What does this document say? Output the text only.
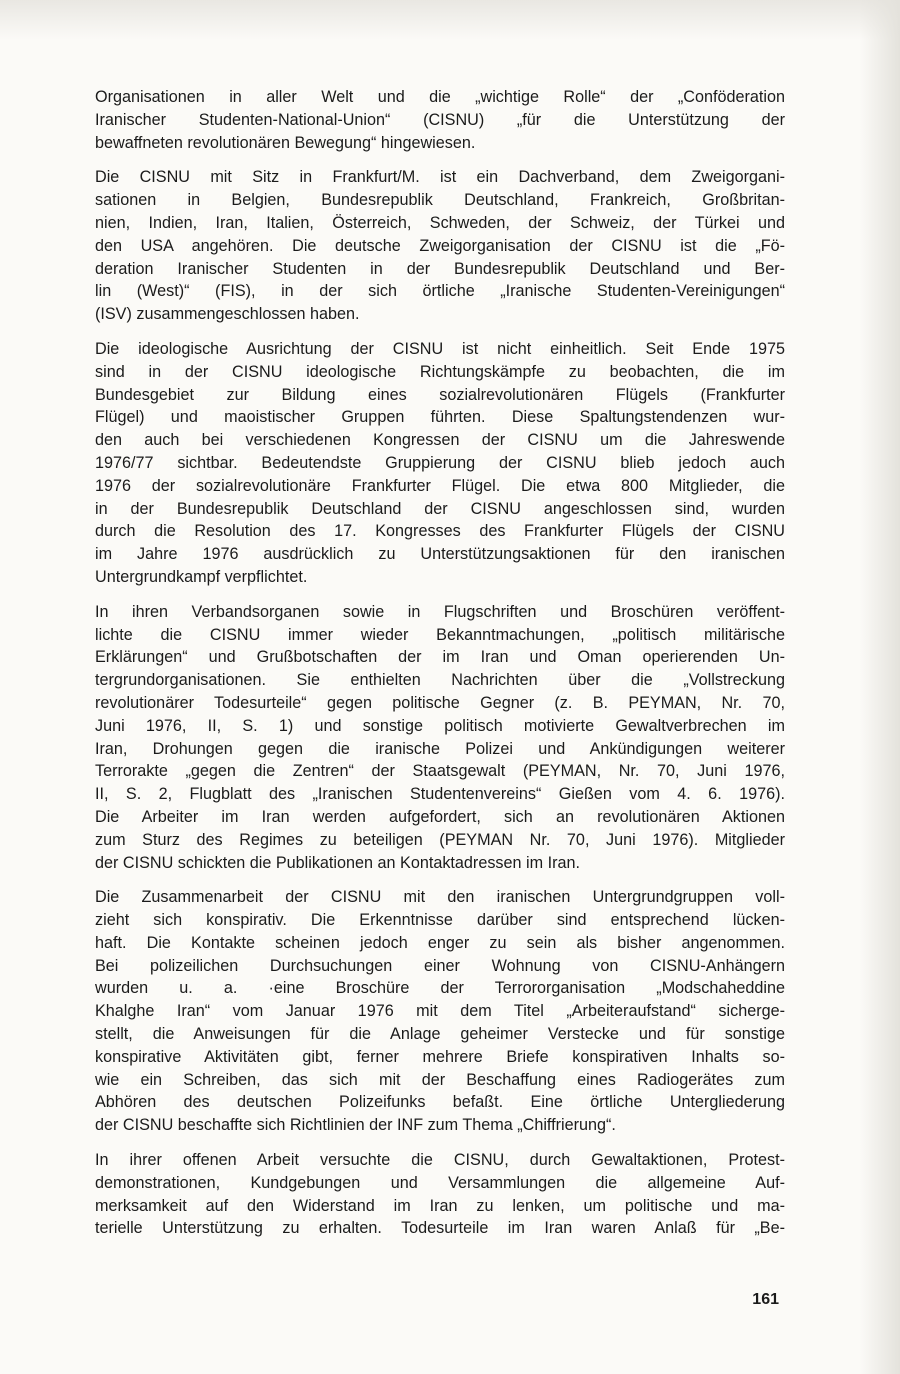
Organisationen in aller Welt und die „wichtige Rolle“ der „Conföderation
Iranischer Studenten-National-Union“ (CISNU) „für die Unterstützung der
bewaffneten revolutionären Bewegung“ hingewiesen.
Die CISNU mit Sitz in Frankfurt/M. ist ein Dachverband, dem Zweigorgani-
sationen in Belgien, Bundesrepublik Deutschland, Frankreich, Großbritan-
nien, Indien, Iran, Italien, Österreich, Schweden, der Schweiz, der Türkei und
den USA angehören. Die deutsche Zweigorganisation der CISNU ist die „Fö-
deration Iranischer Studenten in der Bundesrepublik Deutschland und Ber-
lin (West)“ (FIS), in der sich örtliche „Iranische Studenten-Vereinigungen“
(ISV) zusammengeschlossen haben.
Die ideologische Ausrichtung der CISNU ist nicht einheitlich. Seit Ende 1975
sind in der CISNU ideologische Richtungskämpfe zu beobachten, die im
Bundesgebiet zur Bildung eines sozialrevolutionären Flügels (Frankfurter
Flügel) und maoistischer Gruppen führten. Diese Spaltungstendenzen wur-
den auch bei verschiedenen Kongressen der CISNU um die Jahreswende
1976/77 sichtbar. Bedeutendste Gruppierung der CISNU blieb jedoch auch
1976 der sozialrevolutionäre Frankfurter Flügel. Die etwa 800 Mitglieder, die
in der Bundesrepublik Deutschland der CISNU angeschlossen sind, wurden
durch die Resolution des 17. Kongresses des Frankfurter Flügels der CISNU
im Jahre 1976 ausdrücklich zu Unterstützungsaktionen für den iranischen
Untergrundkampf verpflichtet.
In ihren Verbandsorganen sowie in Flugschriften und Broschüren veröffent-
lichte die CISNU immer wieder Bekanntmachungen, „politisch militärische
Erklärungen“ und Grußbotschaften der im Iran und Oman operierenden Un-
tergrundorganisationen. Sie enthielten Nachrichten über die „Vollstreckung
revolutionärer Todesurteile“ gegen politische Gegner (z. B. PEYMAN, Nr. 70,
Juni 1976, II, S. 1) und sonstige politisch motivierte Gewaltverbrechen im
Iran, Drohungen gegen die iranische Polizei und Ankündigungen weiterer
Terrorakte „gegen die Zentren“ der Staatsgewalt (PEYMAN, Nr. 70, Juni 1976,
II, S. 2, Flugblatt des „Iranischen Studentenvereins“ Gießen vom 4. 6. 1976).
Die Arbeiter im Iran werden aufgefordert, sich an revolutionären Aktionen
zum Sturz des Regimes zu beteiligen (PEYMAN Nr. 70, Juni 1976). Mitglieder
der CISNU schickten die Publikationen an Kontaktadressen im Iran.
Die Zusammenarbeit der CISNU mit den iranischen Untergrundgruppen voll-
zieht sich konspirativ. Die Erkenntnisse darüber sind entsprechend lücken-
haft. Die Kontakte scheinen jedoch enger zu sein als bisher angenommen.
Bei polizeilichen Durchsuchungen einer Wohnung von CISNU-Anhängern
wurden u. a. ·eine Broschüre der Terrororganisation „Modschaheddine
Khalghe Iran“ vom Januar 1976 mit dem Titel „Arbeiteraufstand“ sicherge-
stellt, die Anweisungen für die Anlage geheimer Verstecke und für sonstige
konspirative Aktivitäten gibt, ferner mehrere Briefe konspirativen Inhalts so-
wie ein Schreiben, das sich mit der Beschaffung eines Radiogerätes zum
Abhören des deutschen Polizeifunks befaßt. Eine örtliche Untergliederung
der CISNU beschaffte sich Richtlinien der INF zum Thema „Chiffrierung“.
In ihrer offenen Arbeit versuchte die CISNU, durch Gewaltaktionen, Protest-
demonstrationen, Kundgebungen und Versammlungen die allgemeine Auf-
merksamkeit auf den Widerstand im Iran zu lenken, um politische und ma-
terielle Unterstützung zu erhalten. Todesurteile im Iran waren Anlaß für „Be-
161
